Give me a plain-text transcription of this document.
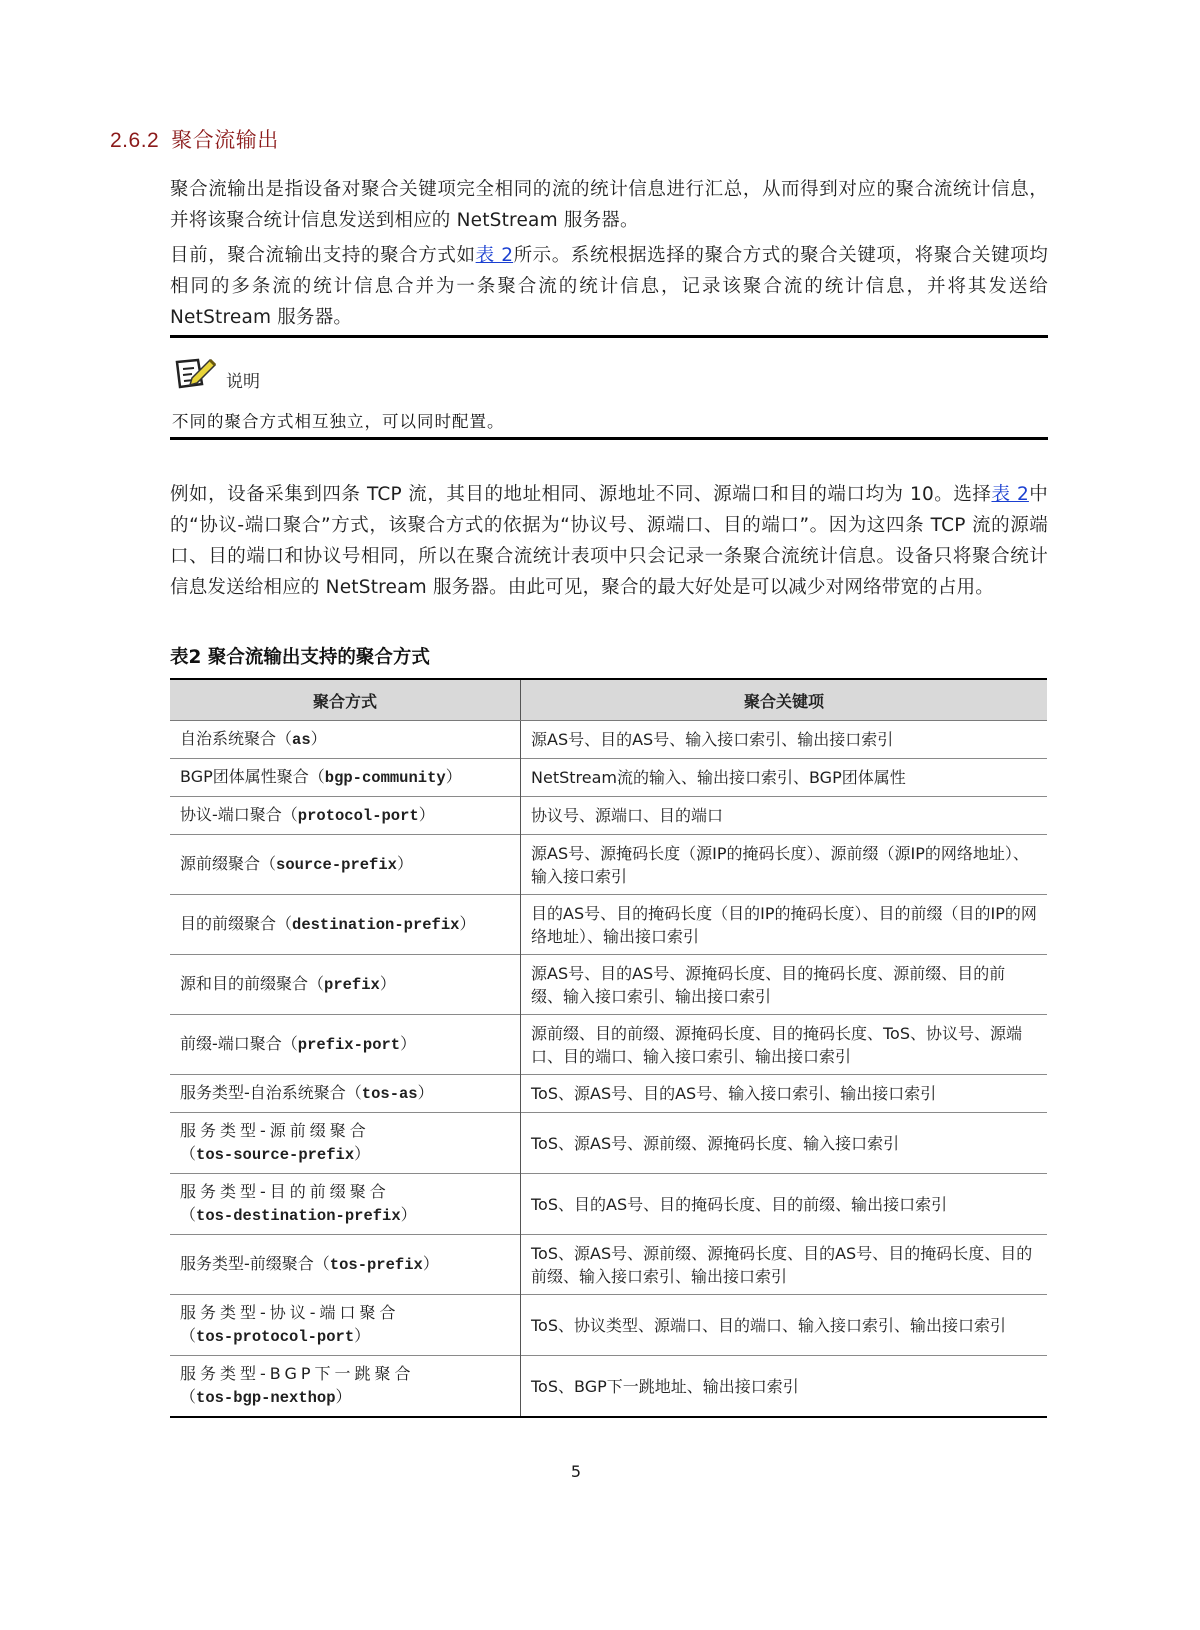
2.6.2 聚合流输出
聚合流输出是指设备对聚合关键项完全相同的流的统计信息进行汇总，从而得到对应的聚合流统计信息，并将该聚合统计信息发送到相应的 NetStream 服务器。
目前，聚合流输出支持的聚合方式如表 2所示。系统根据选择的聚合方式的聚合关键项，将聚合关键项均相同的多条流的统计信息合并为一条聚合流的统计信息，记录该聚合流的统计信息，并将其发送给 NetStream 服务器。
说明
不同的聚合方式相互独立，可以同时配置。
例如，设备采集到四条 TCP 流，其目的地址相同、源地址不同、源端口和目的端口均为 10。选择表 2中的“协议-端口聚合”方式，该聚合方式的依据为“协议号、源端口、目的端口”。因为这四条 TCP 流的源端口、目的端口和协议号相同，所以在聚合流统计表项中只会记录一条聚合流统计信息。设备只将聚合统计信息发送给相应的 NetStream 服务器。由此可见，聚合的最大好处是可以减少对网络带宽的占用。
表2 聚合流输出支持的聚合方式
聚合方式	聚合关键项
自治系统聚合（as）	源AS号、目的AS号、输入接口索引、输出接口索引
BGP团体属性聚合（bgp-community）	NetStream流的输入、输出接口索引、BGP团体属性
协议-端口聚合（protocol-port）	协议号、源端口、目的端口
源前缀聚合（source-prefix）	源AS号、源掩码长度（源IP的掩码长度）、源前缀（源IP的网络地址）、输入接口索引
目的前缀聚合（destination-prefix）	目的AS号、目的掩码长度（目的IP的掩码长度）、目的前缀（目的IP的网络地址）、输出接口索引
源和目的前缀聚合（prefix）	源AS号、目的AS号、源掩码长度、目的掩码长度、源前缀、目的前缀、输入接口索引、输出接口索引
前缀-端口聚合（prefix-port）	源前缀、目的前缀、源掩码长度、目的掩码长度、ToS、协议号、源端口、目的端口、输入接口索引、输出接口索引
服务类型-自治系统聚合（tos-as）	ToS、源AS号、目的AS号、输入接口索引、输出接口索引

服务类型-源前缀聚合
（tos-source-prefix）	ToS、源AS号、源前缀、源掩码长度、输入接口索引

服务类型-目的前缀聚合
（tos-destination-prefix）	ToS、目的AS号、目的掩码长度、目的前缀、输出接口索引
服务类型-前缀聚合（tos-prefix）	ToS、源AS号、源前缀、源掩码长度、目的AS号、目的掩码长度、目的前缀、输入接口索引、输出接口索引

服务类型-协议-端口聚合
（tos-protocol-port）	ToS、协议类型、源端口、目的端口、输入接口索引、输出接口索引

服务类型-BGP下一跳聚合
（tos-bgp-nexthop）	ToS、BGP下一跳地址、输出接口索引
5
